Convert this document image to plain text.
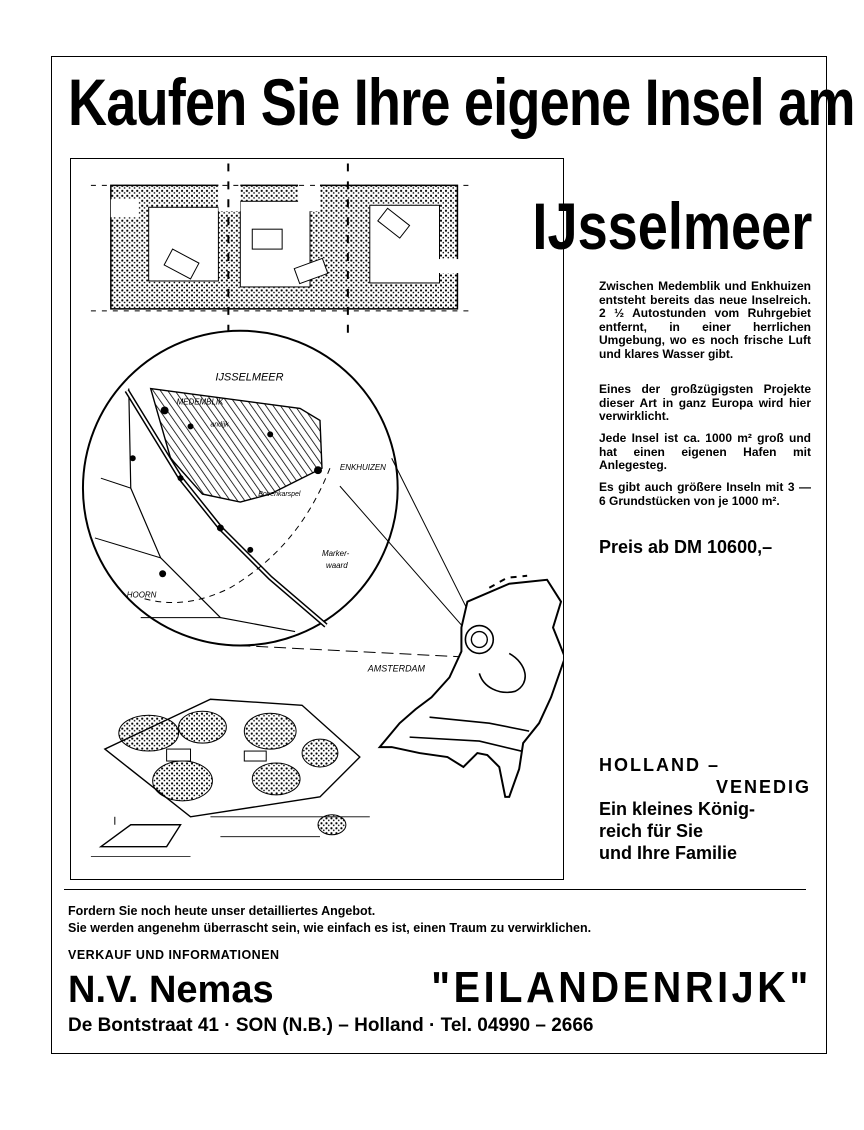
Kaufen Sie Ihre eigene Insel am
IJSSELMEER
MEDEMBLIK
andijk
ENKHUIZEN
Bovenkarspel
Marker-
waard
HOORN
AMSTERDAM
IJsselmeer

Zwischen Medemblik und Enkhuizen entsteht bereits das neue Inselreich. 2 ½ Autostunden vom Ruhrgebiet entfernt, in einer herrlichen Umgebung, wo es noch frische Luft und klares Wasser gibt.

Eines der großzügigsten Projekte dieser Art in ganz Europa wird hier verwirklicht.

Jede Insel ist ca. 1000 m² groß und hat einen eigenen Hafen mit Anlegesteg.

Es gibt auch größere Inseln mit 3 — 6 Grundstücken von je 1000 m².

Preis ab DM 10600,–

HOLLAND –
VENEDIG

Ein kleines König-
reich für Sie
und Ihre Familie

Fordern Sie noch heute unser detailliertes Angebot.
Sie werden angenehm überrascht sein, wie einfach es ist, einen Traum zu verwirklichen.

VERKAUF UND INFORMATIONEN

N.V. Nemas	"EILANDENRIJK"

De Bontstraat 41 · SON (N.B.) – Holland · Tel. 04990 – 2666
